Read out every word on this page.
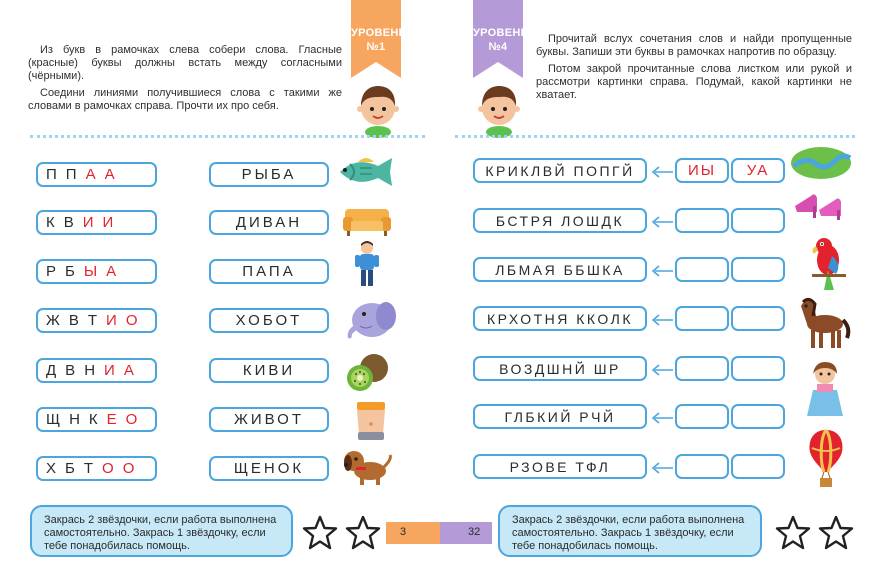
УРОВЕНЬ
№1

Из букв в рамочках слева собери слова. Гласные (красные) буквы должны встать между согласными (чёрными).

Соедини линиями получившиеся слова с такими же словами в рамочках справа. Прочти их про себя.

П П А А	РЫБА
К В И И	ДИВАН
Р Б Ы А	ПАПА
Ж В Т И О	ХОБОТ
Д В Н И А	КИВИ
Щ Н К Е О	ЖИВОТ
Х Б Т О О	ЩЕНОК
Закрась 2 звёздочки, если работа выполнена самостоятельно. Закрась 1 звёздочку, если тебе понадобилась помощь.
3
УРОВЕНЬ
№4

Прочитай вслух сочетания слов и найди пропущенные буквы. Запиши эти буквы в рамочках напротив по образцу.

Потом закрой прочитанные слова листком или рукой и рассмотри картинки справа. Подумай, какой картинки не хватает.

КРИКЛВЙ ПОПГЙ	ИЫ	УА
БСТРЯ ЛОШДК
ЛБМАЯ ББШКА
КРХОТНЯ ККОЛК
ВОЗДШНЙ ШР
ГЛБКИЙ РЧЙ
РЗОВЕ ТФЛ
32
Закрась 2 звёздочки, если работа выполнена самостоятельно. Закрась 1 звёздочку, если тебе понадобилась помощь.
